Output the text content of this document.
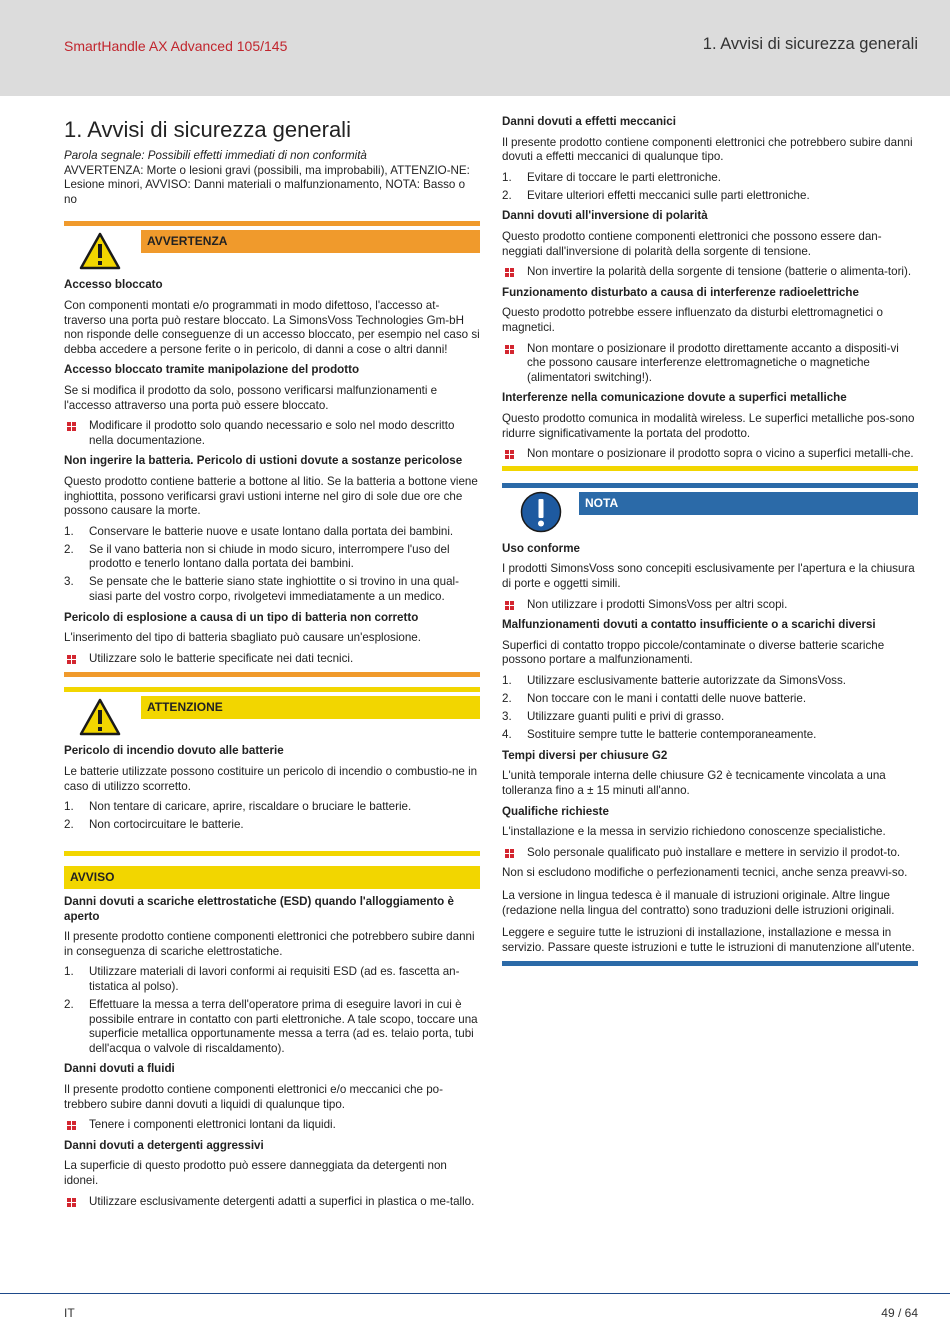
SmartHandle AX Advanced 105/145	1. Avvisi di sicurezza generali
1. Avvisi di sicurezza generali

Parola segnale: Possibili effetti immediati di non conformità
AVVERTENZA: Morte o lesioni gravi (possibili, ma improbabili), ATTENZIO-NE: Lesione minori, AVVISO: Danni materiali o malfunzionamento, NOTA: Basso o no

AVVERTENZA
Accesso bloccato

Con componenti montati e/o programmati in modo difettoso, l'accesso at-traverso una porta può restare bloccato. La SimonsVoss Technologies Gm-bH non risponde delle conseguenze di un accesso bloccato, per esempio nel caso si debba accedere a persone ferite o in pericolo, di danni a cose o altri danni!

Accesso bloccato tramite manipolazione del prodotto

Se si modifica il prodotto da solo, possono verificarsi malfunzionamenti e l'accesso attraverso una porta può essere bloccato.

Modificare il prodotto solo quando necessario e solo nel modo descritto nella documentazione.
Non ingerire la batteria. Pericolo di ustioni dovute a sostanze pericolose

Questo prodotto contiene batterie a bottone al litio. Se la batteria a bottone viene inghiottita, possono verificarsi gravi ustioni interne nel giro di sole due ore che possono causare la morte.

1. Conservare le batterie nuove e usate lontano dalla portata dei bambini.
2. Se il vano batteria non si chiude in modo sicuro, interrompere l'uso del prodotto e tenerlo lontano dalla portata dei bambini.
3. Se pensate che le batterie siano state inghiottite o si trovino in una qual-siasi parte del vostro corpo, rivolgetevi immediatamente a un medico.
Pericolo di esplosione a causa di un tipo di batteria non corretto

L'inserimento del tipo di batteria sbagliato può causare un'esplosione.

Utilizzare solo le batterie specificate nei dati tecnici.
ATTENZIONE
Pericolo di incendio dovuto alle batterie

Le batterie utilizzate possono costituire un pericolo di incendio o combustio-ne in caso di utilizzo scorretto.

1. Non tentare di caricare, aprire, riscaldare o bruciare le batterie.
2. Non cortocircuitare le batterie.
AVVISO
Danni dovuti a scariche elettrostatiche (ESD) quando l'alloggiamento è aperto

Il presente prodotto contiene componenti elettronici che potrebbero subire danni in conseguenza di scariche elettrostatiche.

1. Utilizzare materiali di lavori conformi ai requisiti ESD (ad es. fascetta an-tistatica al polso).
2. Effettuare la messa a terra dell'operatore prima di eseguire lavori in cui è possibile entrare in contatto con parti elettroniche. A tale scopo, toccare una superficie metallica opportunamente messa a terra (ad es. telaio porta, tubi dell'acqua o valvole di riscaldamento).
Danni dovuti a fluidi

Il presente prodotto contiene componenti elettronici e/o meccanici che po-trebbero subire danni dovuti a liquidi di qualunque tipo.

Tenere i componenti elettronici lontani da liquidi.
Danni dovuti a detergenti aggressivi

La superficie di questo prodotto può essere danneggiata da detergenti non idonei.

Utilizzare esclusivamente detergenti adatti a superfici in plastica o me-tallo.
Danni dovuti a effetti meccanici

Il presente prodotto contiene componenti elettronici che potrebbero subire danni dovuti a effetti meccanici di qualunque tipo.

1. Evitare di toccare le parti elettroniche.
2. Evitare ulteriori effetti meccanici sulle parti elettroniche.
Danni dovuti all'inversione di polarità

Questo prodotto contiene componenti elettronici che possono essere dan-neggiati dall'inversione di polarità della sorgente di tensione.

Non invertire la polarità della sorgente di tensione (batterie o alimenta-tori).
Funzionamento disturbato a causa di interferenze radioelettriche

Questo prodotto potrebbe essere influenzato da disturbi elettromagnetici o magnetici.

Non montare o posizionare il prodotto direttamente accanto a dispositi-vi che possono causare interferenze elettromagnetiche o magnetiche (alimentatori switching!).
Interferenze nella comunicazione dovute a superfici metalliche

Questo prodotto comunica in modalità wireless. Le superfici metalliche pos-sono ridurre significativamente la portata del prodotto.

Non montare o posizionare il prodotto sopra o vicino a superfici metalli-che.
NOTA
Uso conforme

I prodotti SimonsVoss sono concepiti esclusivamente per l'apertura e la chiusura di porte e oggetti simili.

Non utilizzare i prodotti SimonsVoss per altri scopi.
Malfunzionamenti dovuti a contatto insufficiente o a scarichi diversi

Superfici di contatto troppo piccole/contaminate o diverse batterie scariche possono portare a malfunzionamenti.

1. Utilizzare esclusivamente batterie autorizzate da SimonsVoss.
2. Non toccare con le mani i contatti delle nuove batterie.
3. Utilizzare guanti puliti e privi di grasso.
4. Sostituire sempre tutte le batterie contemporaneamente.
Tempi diversi per chiusure G2

L'unità temporale interna delle chiusure G2 è tecnicamente vincolata a una tolleranza fino a ± 15 minuti all'anno.

Qualifiche richieste

L'installazione e la messa in servizio richiedono conoscenze specialistiche.

Solo personale qualificato può installare e mettere in servizio il prodot-to.

Non si escludono modifiche o perfezionamenti tecnici, anche senza preavvi-so.

La versione in lingua tedesca è il manuale di istruzioni originale. Altre lingue (redazione nella lingua del contratto) sono traduzioni delle istruzioni originali.

Leggere e seguire tutte le istruzioni di installazione, installazione e messa in servizio. Passare queste istruzioni e tutte le istruzioni di manutenzione all'utente.

IT	49 / 64
